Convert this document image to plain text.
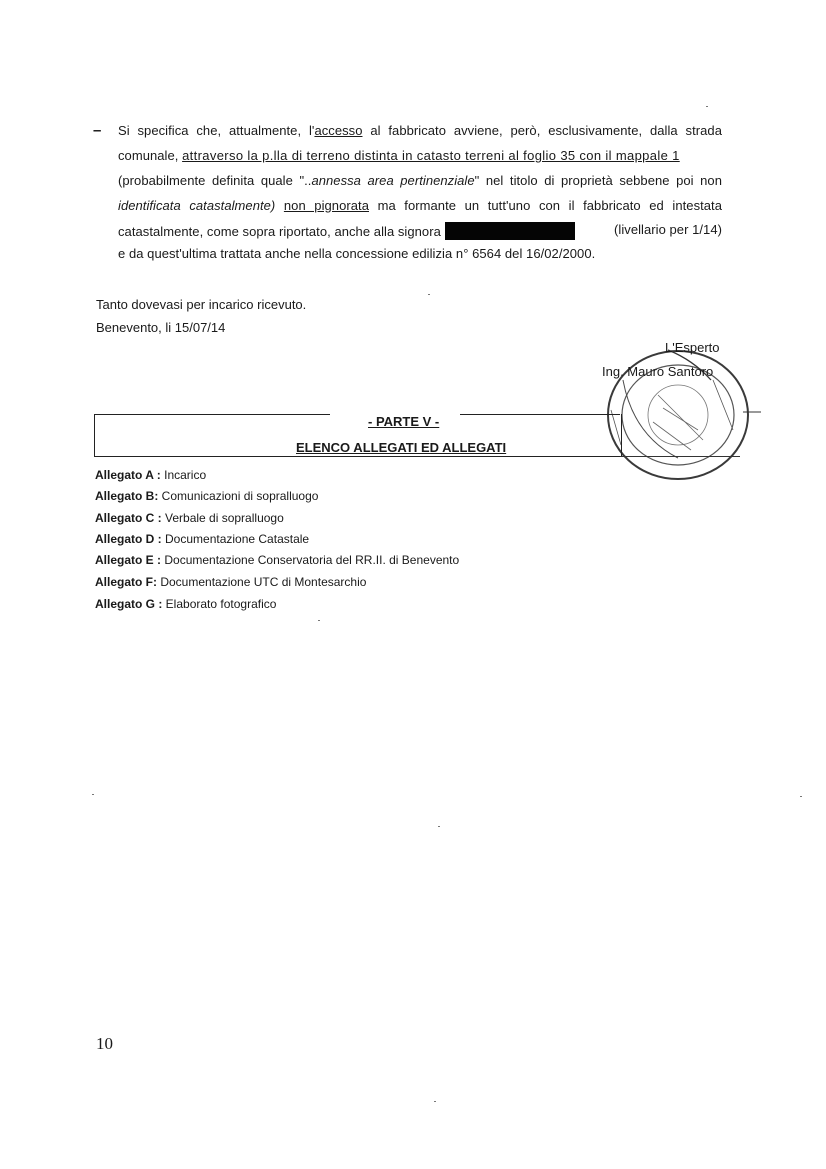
– Si specifica che, attualmente, l'accesso al fabbricato avviene, però, esclusivamente, dalla strada
comunale, attraverso la p.lla di terreno distinta in catasto terreni al foglio 35 con il mappale 1
(probabilmente definita quale "..annessa area pertinenziale" nel titolo di proprietà sebbene poi non
identificata catastalmente) non pignorata ma formante un tutt'uno con il fabbricato ed intestata
catastalmente, come sopra riportato, anche alla signora	(livellario per 1/14)
e da quest'ultima trattata anche nella concessione edilizia n° 6564 del 16/02/2000.
Tanto dovevasi per incarico ricevuto.
Benevento, li 15/07/14
L'Esperto
Ing. Mauro Santoro
- PARTE V -
ELENCO ALLEGATI ED ALLEGATI
Allegato A : Incarico
Allegato B: Comunicazioni di sopralluogo
Allegato C : Verbale di sopralluogo
Allegato D : Documentazione Catastale
Allegato E : Documentazione Conservatoria del RR.II. di Benevento
Allegato F: Documentazione UTC di Montesarchio
Allegato G : Elaborato fotografico
10
